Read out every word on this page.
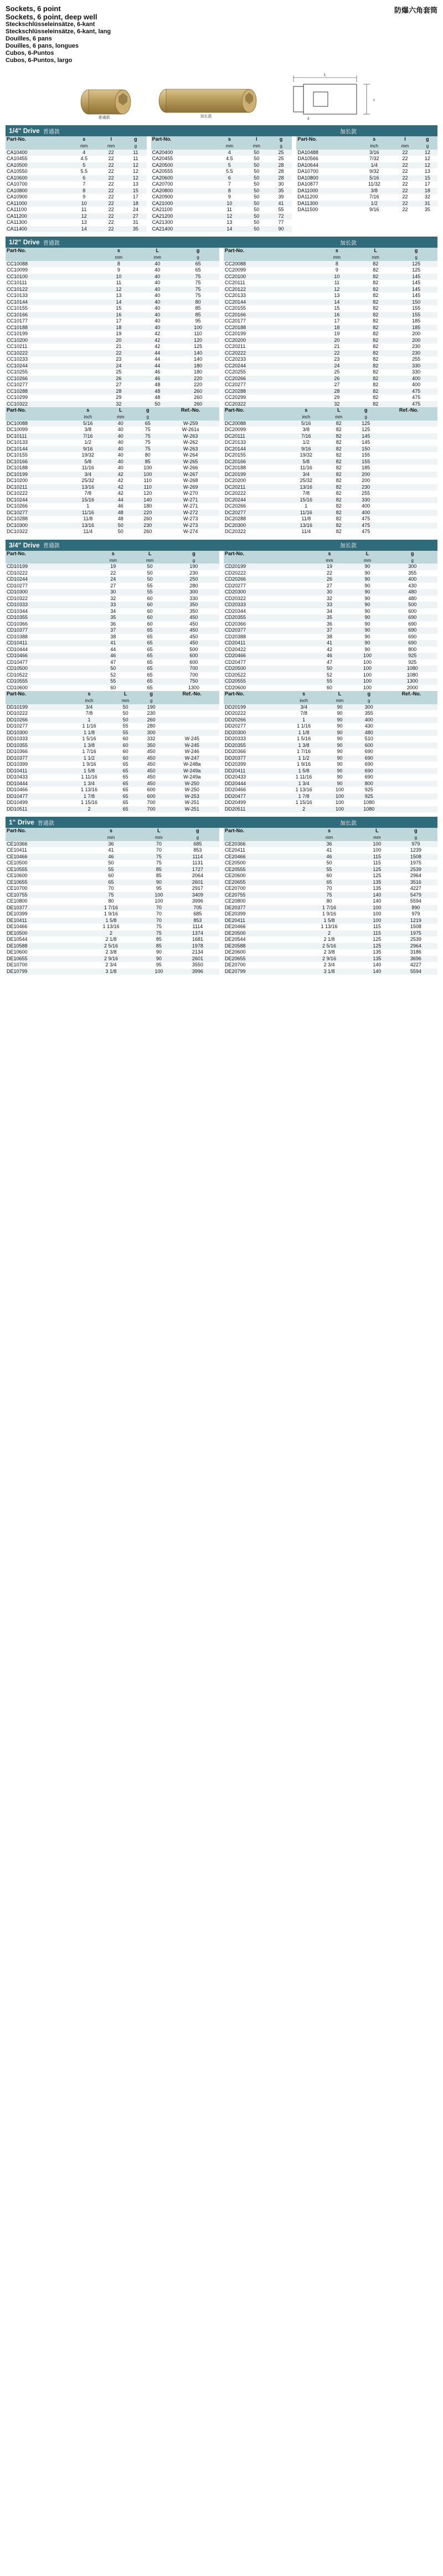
Sockets, 6 point
Sockets, 6 point, deep well
Steckschlüsseleinsätze, 6-kant
Steckschlüsseleinsätze, 6-kant, lang
Douilles, 6 pans
Douilles, 6 pans, longues
Cubos, 6-Puntos
Cubos, 6-Puntos, largo
防爆六角套筒
普通款	加长款
L
s
d
1/4" Drive 普通款	加长款
Part-No.	s	l	g
	mm	mm	g
CA10400	4	22	11
CA10455	4.5	22	11
CA10500	5	22	12
CA10550	5.5	22	12
CA10600	6	22	12
CA10700	7	22	13
CA10800	8	22	15
CA10900	9	22	17
CA11000	10	22	18
CA11100	11	22	24
CA11200	12	22	27
CA11300	13	22	31
CA11400	14	22	35
Part-No.	s	l	g
	mm	mm	g
CA20400	4	50	25
CA20455	4.5	50	25
CA20500	5	50	28
CA20555	5.5	50	28
CA20600	6	50	28
CA20700	7	50	30
CA20800	8	50	35
CA20900	9	50	39
CA21000	10	50	41
CA21100	11	50	55
CA21200	12	50	72
CA21300	13	50	77
CA21400	14	50	90
Part-No.	s	l	g
	inch	mm	g
DA10488	3/16	22	12
DA10566	7/32	22	12
DA10644	1/4	22	12
DA10700	9/32	22	13
DA10800	5/16	22	15
DA10877	11/32	22	17
DA11000	3/8	22	18
DA11200	7/16	22	32
DA11300	1/2	22	31
DA11500	9/16	22	35
1/2" Drive 普通款	加长款
Part-No.	s	L	g
	mm	mm	g
CC10088	8	40	65
CC10099	9	40	65
CC10100	10	40	75
CC10111	11	40	75
CC10122	12	40	75
CC10133	13	40	75
CC10144	14	40	80
CC10155	15	40	85
CC10166	16	40	85
CC10177	17	40	95
CC10188	18	40	100
CC10199	19	42	110
CC10200	20	42	120
CC10211	21	42	125
CC10222	22	44	140
CC10233	23	44	140
CC10244	24	44	180
CC10255	25	46	180
CC10266	26	46	220
CC10277	27	48	220
CC10288	28	48	260
CC10299	29	48	260
CC10322	32	50	260
Part-No.	s	L	g
	mm	mm	g
CC20088	8	82	125
CC20099	9	82	125
CC20100	10	82	145
CC20111	11	82	145
CC20122	12	82	145
CC20133	13	82	145
CC20144	14	82	150
CC20155	15	82	155
CC20166	16	82	155
CC20177	17	82	185
CC20188	18	82	185
CC20199	19	82	200
CC20200	20	82	200
CC20211	21	82	230
CC20222	22	82	230
CC20233	23	82	255
CC20244	24	82	330
CC20255	25	82	330
CC20266	26	82	400
CC20277	27	82	400
CC20288	28	82	475
CC20299	29	82	475
CC20322	32	82	475
Part-No.	s	L	g	Ref.-No.
	inch	mm	g	
DC10088	5/16	40	65	W-259
DC10099	3/8	40	75	W-261s
DC10111	7/16	40	75	W-263
DC10133	1/2	40	75	W-262
DC10144	9/16	40	75	W-263
DC10155	19/32	40	80	W-264
DC10166	5/8	40	85	W-265
DC10188	11/16	40	100	W-266
DC10199	3/4	42	100	W-267
DC10200	25/32	42	110	W-268
DC10211	13/16	42	110	W-269
DC10222	7/8	42	120	W-270
DC10244	15/16	44	140	W-271
DC10266	1	46	180	W-271
DC10277	11/16	48	220	W-272
DC10288	11/8	48	260	W-273
DC10300	13/16	50	230	W-273
DC10322	11/4	50	260	W-274
Part-No.	s	L	g	Ref.-No.
	inch	mm	g	
DC20088	5/16	82	125	
DC20099	3/8	82	125	
DC20111	7/16	82	145	
DC20133	1/2	82	145	
DC20144	9/16	82	150	
DC20155	19/32	82	155	
DC20166	5/8	82	155	
DC20188	11/16	82	185	
DC20199	3/4	82	200	
DC20200	25/32	82	200	
DC20211	13/16	82	230	
DC20222	7/8	82	255	
DC20244	15/16	82	330	
DC20266	1	82	400	
DC20277	11/16	82	400	
DC20288	11/8	82	475	
DC20300	13/16	82	475	
DC20322	11/4	82	475	
3/4" Drive 普通款	加长款
Part-No.	s	L	g
	mm	mm	g
CD10199	19	50	190
CD10222	22	50	230
CD10244	24	50	250
CD10277	27	55	280
CD10300	30	55	300
CD10322	32	60	330
CD10333	33	60	350
CD10344	34	60	350
CD10355	35	60	450
CD10366	36	60	450
CD10377	37	65	450
CD10388	38	65	450
CD10411	41	65	450
CD10444	44	65	500
CD10466	46	65	600
CD10477	47	65	600
CD10500	50	65	700
CD10522	52	65	700
CD10555	55	65	750
CD10600	60	65	1300
Part-No.	s	L	g
	mm	mm	g
CD20199	19	90	300
CD20222	22	90	355
CD20266	26	90	400
CD20277	27	90	430
CD20300	30	90	480
CD20322	32	90	480
CD20333	33	90	500
CD20344	34	90	600
CD20355	35	90	690
CD20366	36	90	690
CD20377	37	90	690
CD20388	38	90	690
CD20411	41	90	690
CD20422	42	90	800
CD20466	46	100	925
CD20477	47	100	925
CD20500	50	100	1080
CD20522	52	100	1080
CD20555	55	100	1300
CD20600	60	100	2000
Part-No.	s	L	g	Ref.-No.
	inch	mm	g	
DD10199	3/4	50	190	
DD10222	7/8	50	230	
DD10266	1	50	260	
DD10277	1 1/16	55	280	
DD10300	1 1/8	55	300	
DD10333	1 5/16	60	332	W-245
DD10355	1 3/8	60	350	W-245
DD10366	1 7/16	60	450	W-246
DD10377	1 1/2	60	450	W-247
DD10399	1 9/16	65	450	W-248a
DD10411	1 5/8	65	450	W-249a
DD10433	1 11/16	65	450	W-249a
DD10444	1 3/4	65	450	W-250
DD10466	1 13/16	65	600	W-250
DD10477	1 7/8	65	600	W-253
DD10499	1 15/16	65	700	W-251
DD10511	2	65	700	W-251
Part-No.	s	L	g	Ref.-No.
	inch	mm	g	
DD20199	3/4	90	300	
DD20222	7/8	90	355	
DD20266	1	90	400	
DD20277	1 1/16	90	430	
DD20300	1 1/8	90	480	
DD20333	1 5/16	90	510	
DD20355	1 3/8	90	600	
DD20366	1 7/16	90	690	
DD20377	1 1/2	90	690	
DD20399	1 9/16	90	690	
DD20411	1 5/8	90	690	
DD20433	1 11/16	90	690	
DD20444	1 3/4	90	800	
DD20466	1 13/16	100	925	
DD20477	1 7/8	100	925	
DD20499	1 15/16	100	1080	
DD20511	2	100	1080	
1" Drive 普通款	加长款
Part-No.	s	L	g
	mm	mm	g
CE10366	36	70	685
CE10411	41	70	853
CE10466	46	75	1114
CE10500	50	75	1131
CE10555	55	85	1727
CE10600	60	85	2064
CE10655	65	90	2601
CE10700	70	95	2917
CE10755	75	100	3409
CE10800	80	100	3996
DE10377	1 7/16	70	705
DE10399	1 9/16	70	685
DE10411	1 5/8	70	853
DE10466	1 13/16	75	1114
DE10500	2	75	1374
DE10544	2 1/8	85	1681
DE10588	2 5/16	85	1978
DE10600	2 3/8	90	2134
DE10655	2 9/16	90	2601
DE10700	2 3/4	95	3550
DE10799	3 1/8	100	3996
Part-No.	s	L	g
	mm	mm	g
CE20366	36	100	979
CE20411	41	100	1239
CE20466	46	115	1508
CE20500	50	115	1975
CE20555	55	125	2539
CE20600	60	125	2964
CE20655	65	135	3516
CE20700	70	135	4227
CE20755	75	140	5479
CE20800	80	140	5594
DE20377	1 7/16	100	890
DE20399	1 9/16	100	979
DE20411	1 5/8	100	1219
DE20466	1 13/16	115	1508
DE20500	2	115	1975
DE20544	2 1/8	125	2539
DE20588	2 5/16	125	2964
DE20600	2 3/8	135	3186
DE20655	2 9/16	135	3696
DE20700	2 3/4	140	4227
DE20799	3 1/8	140	5594
